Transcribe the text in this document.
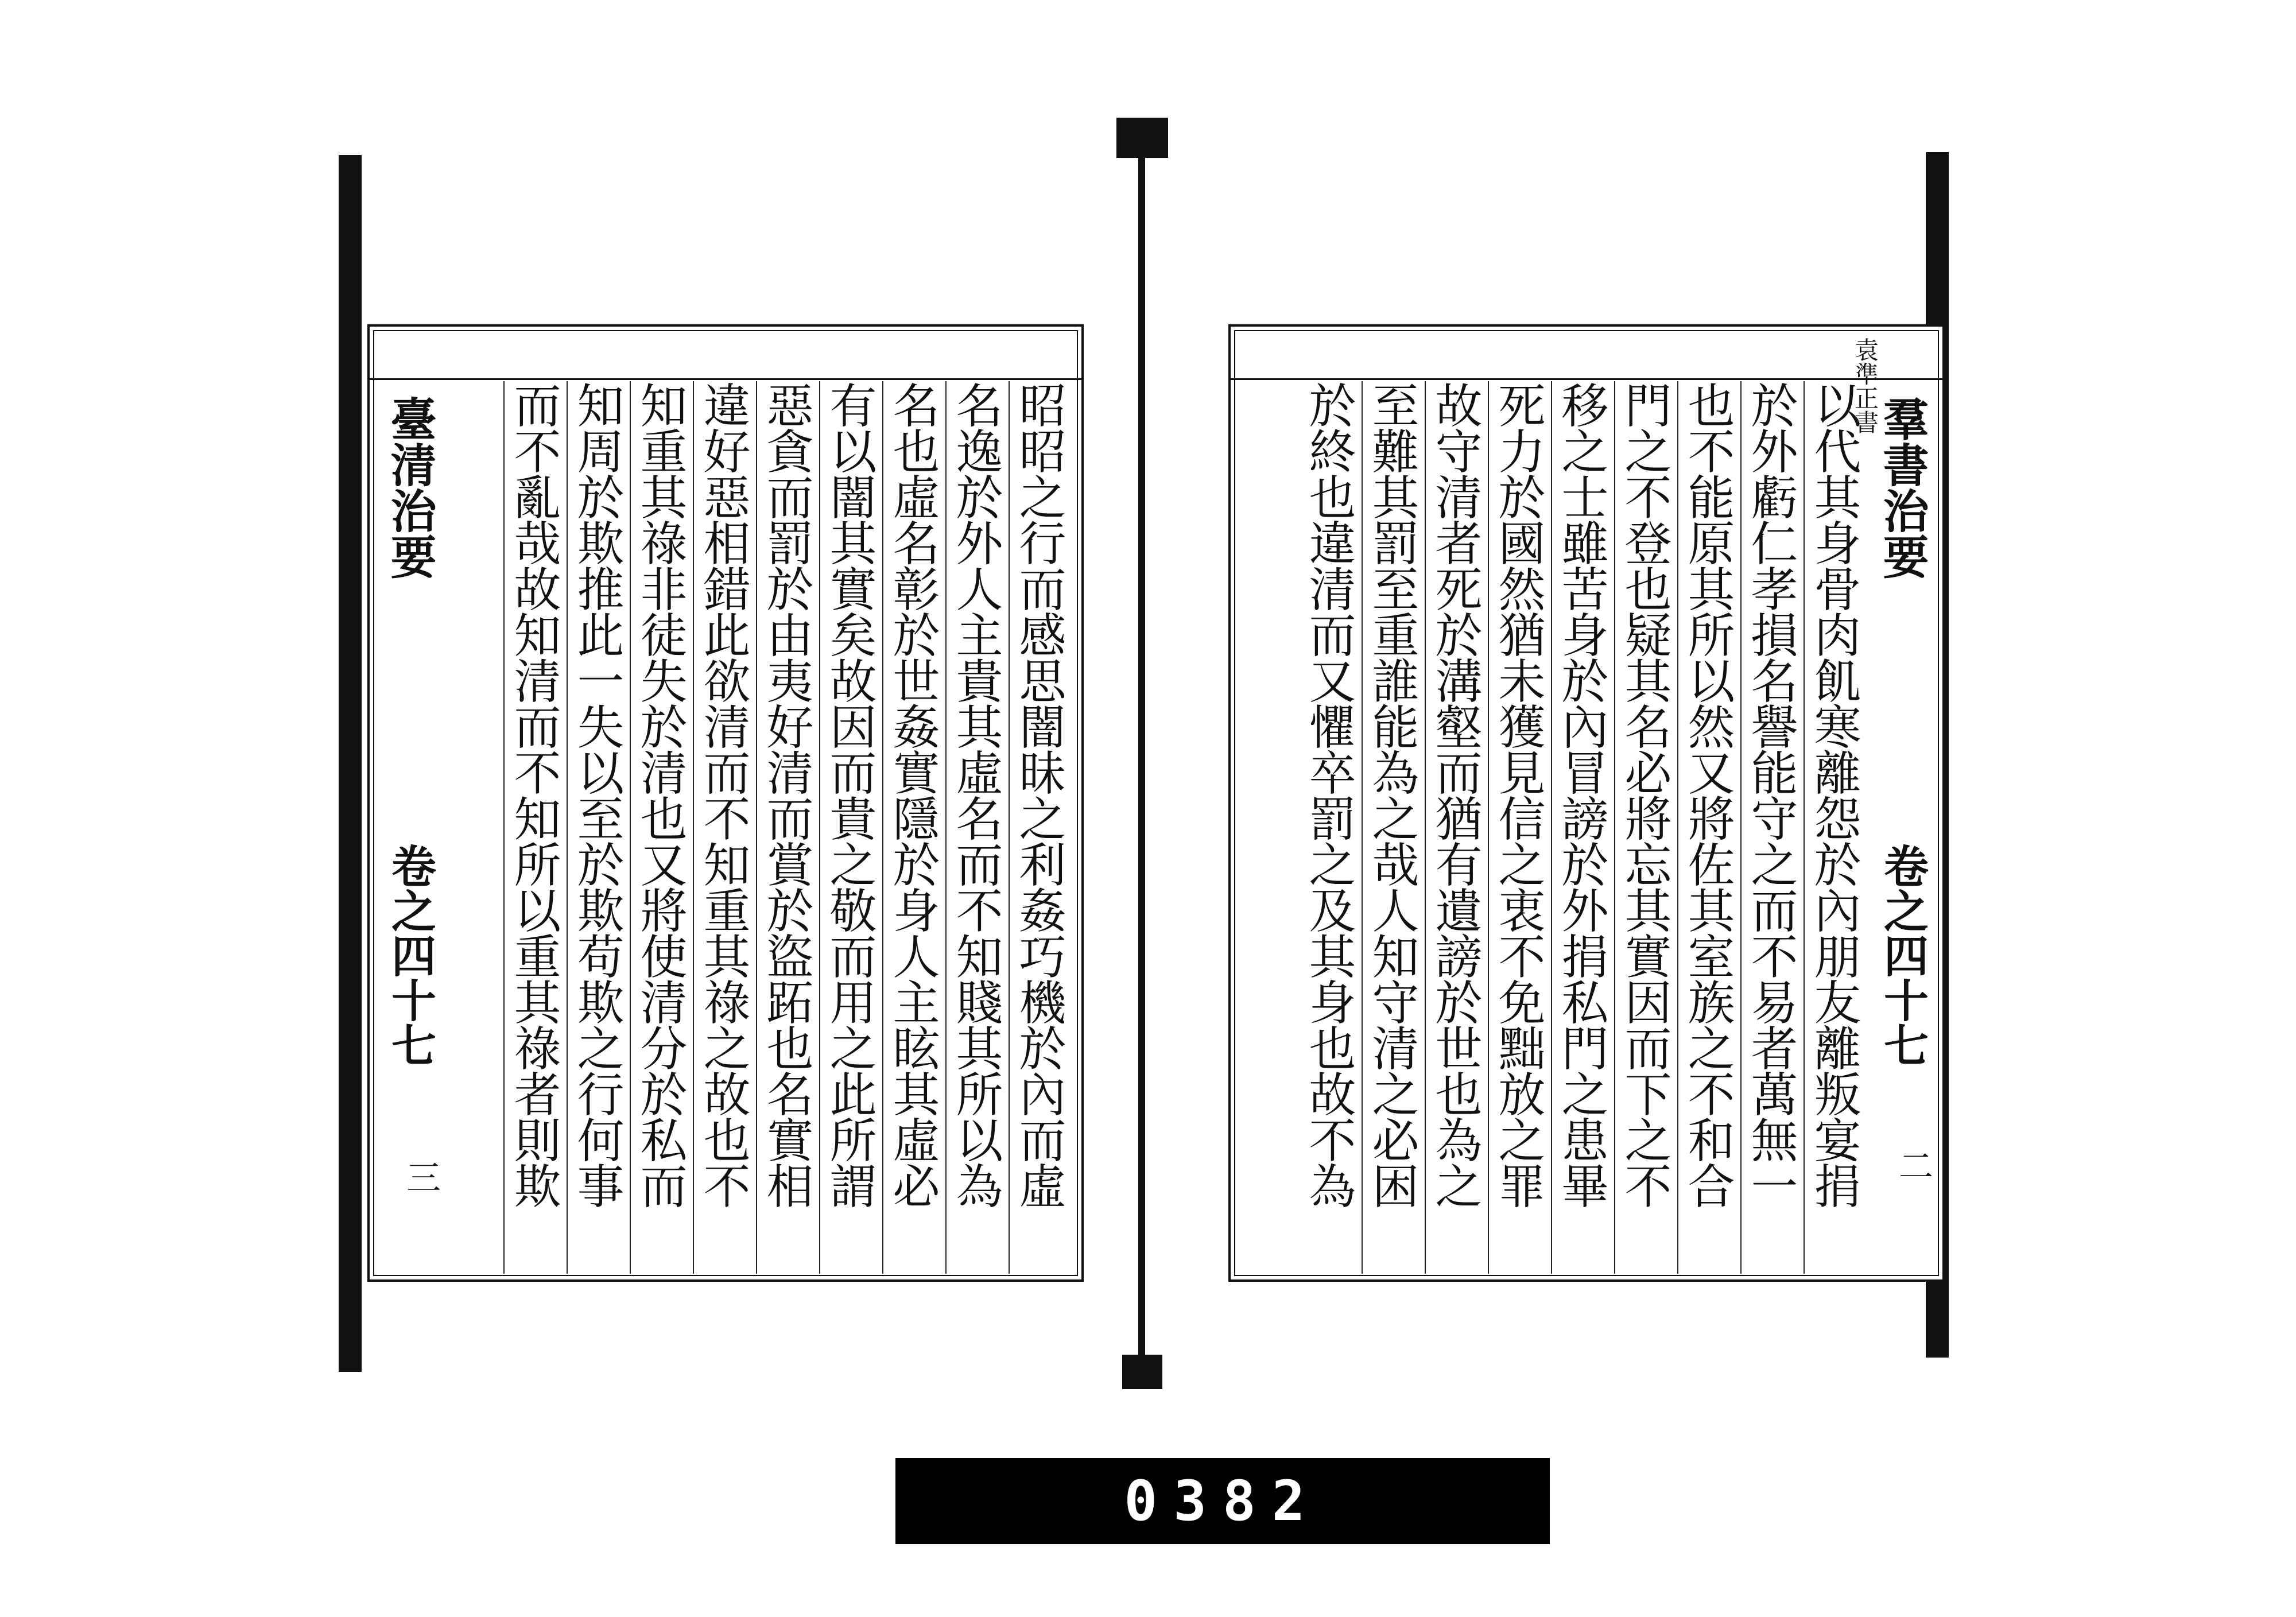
昭昭之行而感思闇昧之利姦巧機於內而虛
名逸於外人主貴其虛名而不知賤其所以為
名也虛名彰於世姦實隱於身人主眩其虛必
有以闇其實矣故因而貴之敬而用之此所謂
惡貪而罰於由夷好清而賞於盜跖也名實相
違好惡相錯此欲清而不知重其祿之故也不
知重其祿非徒失於清也又將使清分於私而
知周於欺推此一失以至於欺苟欺之行何事
而不亂哉故知清而不知所以重其祿者則欺
臺清治要
卷之四十七
羣書治要
卷之四十七
以代其身骨肉飢寒離怨於內朋友離叛宴捐
於外虧仁孝損名譽能守之而不易者萬無一
也不能原其所以然又將佐其室族之不和合
門之不登也疑其名必將忘其實因而下之不
移之士雖苦身於內冒謗於外捐私門之患畢
死力於國然猶未獲見信之衷不免黜放之罪
故守清者死於溝壑而猶有遺謗於世也為之
至難其罰至重誰能為之哉人知守清之必困
於終也違清而又懼卒罰之及其身也故不為
三	二
袁準正書
0382
